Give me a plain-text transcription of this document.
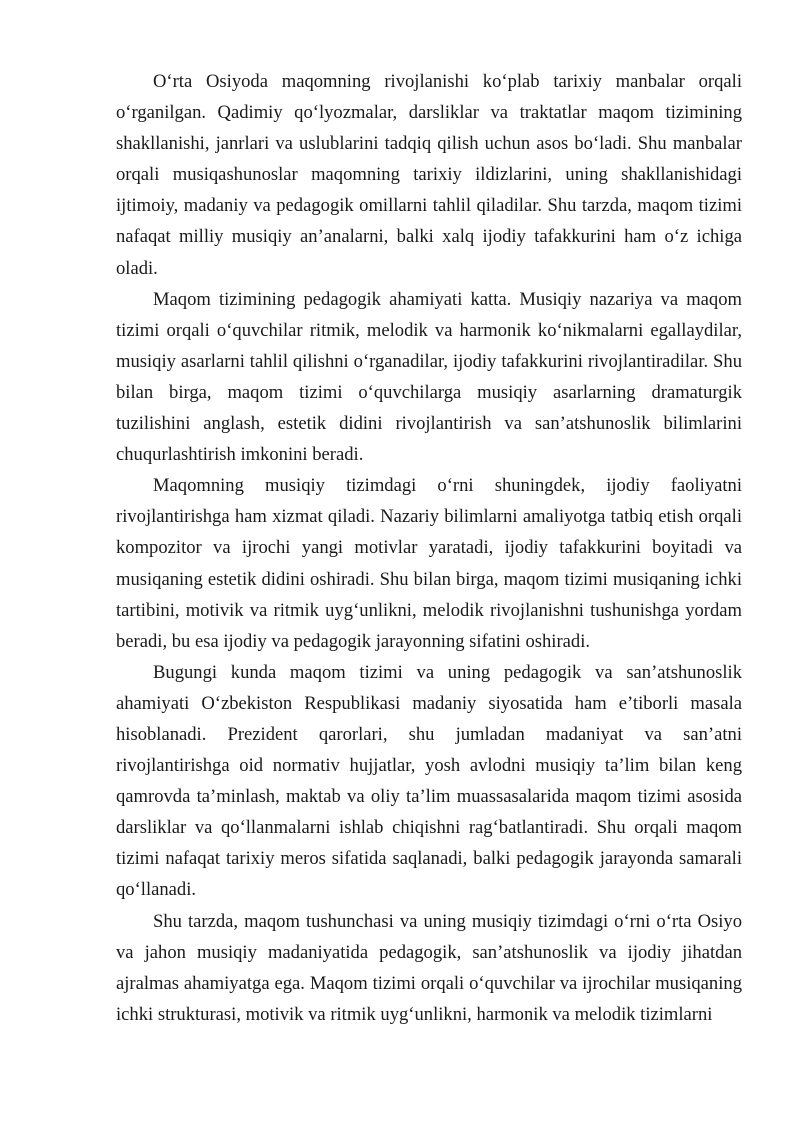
O‘rta Osiyoda maqomning rivojlanishi ko‘plab tarixiy manbalar orqali o‘rganilgan. Qadimiy qo‘lyozmalar, darsliklar va traktatlar maqom tizimining shakllanishi, janrlari va uslublarini tadqiq qilish uchun asos bo‘ladi. Shu manbalar orqali musiqashunoslar maqomning tarixiy ildizlarini, uning shakllanishidagi ijtimoiy, madaniy va pedagogik omillarni tahlil qiladilar. Shu tarzda, maqom tizimi nafaqat milliy musiqiy an’analarni, balki xalq ijodiy tafakkurini ham o‘z ichiga oladi.

Maqom tizimining pedagogik ahamiyati katta. Musiqiy nazariya va maqom tizimi orqali o‘quvchilar ritmik, melodik va harmonik ko‘nikmalarni egallaydilar, musiqiy asarlarni tahlil qilishni o‘rganadilar, ijodiy tafakkurini rivojlantiradilar. Shu bilan birga, maqom tizimi o‘quvchilarga musiqiy asarlarning dramaturgik tuzilishini anglash, estetik didini rivojlantirish va san’atshunoslik bilimlarini chuqurlashtirish imkonini beradi.

Maqomning musiqiy tizimdagi o‘rni shuningdek, ijodiy faoliyatni rivojlantirishga ham xizmat qiladi. Nazariy bilimlarni amaliyotga tatbiq etish orqali kompozitor va ijrochi yangi motivlar yaratadi, ijodiy tafakkurini boyitadi va musiqaning estetik didini oshiradi. Shu bilan birga, maqom tizimi musiqaning ichki tartibini, motivik va ritmik uyg‘unlikni, melodik rivojlanishni tushunishga yordam beradi, bu esa ijodiy va pedagogik jarayonning sifatini oshiradi.

Bugungi kunda maqom tizimi va uning pedagogik va san’atshunoslik ahamiyati O‘zbekiston Respublikasi madaniy siyosatida ham e’tiborli masala hisoblanadi. Prezident qarorlari, shu jumladan madaniyat va san’atni rivojlantirishga oid normativ hujjatlar, yosh avlodni musiqiy ta’lim bilan keng qamrovda ta’minlash, maktab va oliy ta’lim muassasalarida maqom tizimi asosida darsliklar va qo‘llanmalarni ishlab chiqishni rag‘batlantiradi. Shu orqali maqom tizimi nafaqat tarixiy meros sifatida saqlanadi, balki pedagogik jarayonda samarali qo‘llanadi.

Shu tarzda, maqom tushunchasi va uning musiqiy tizimdagi o‘rni o‘rta Osiyo va jahon musiqiy madaniyatida pedagogik, san’atshunoslik va ijodiy jihatdan ajralmas ahamiyatga ega. Maqom tizimi orqali o‘quvchilar va ijrochilar musiqaning ichki strukturasi, motivik va ritmik uyg‘unlikni, harmonik va melodik tizimlarni
